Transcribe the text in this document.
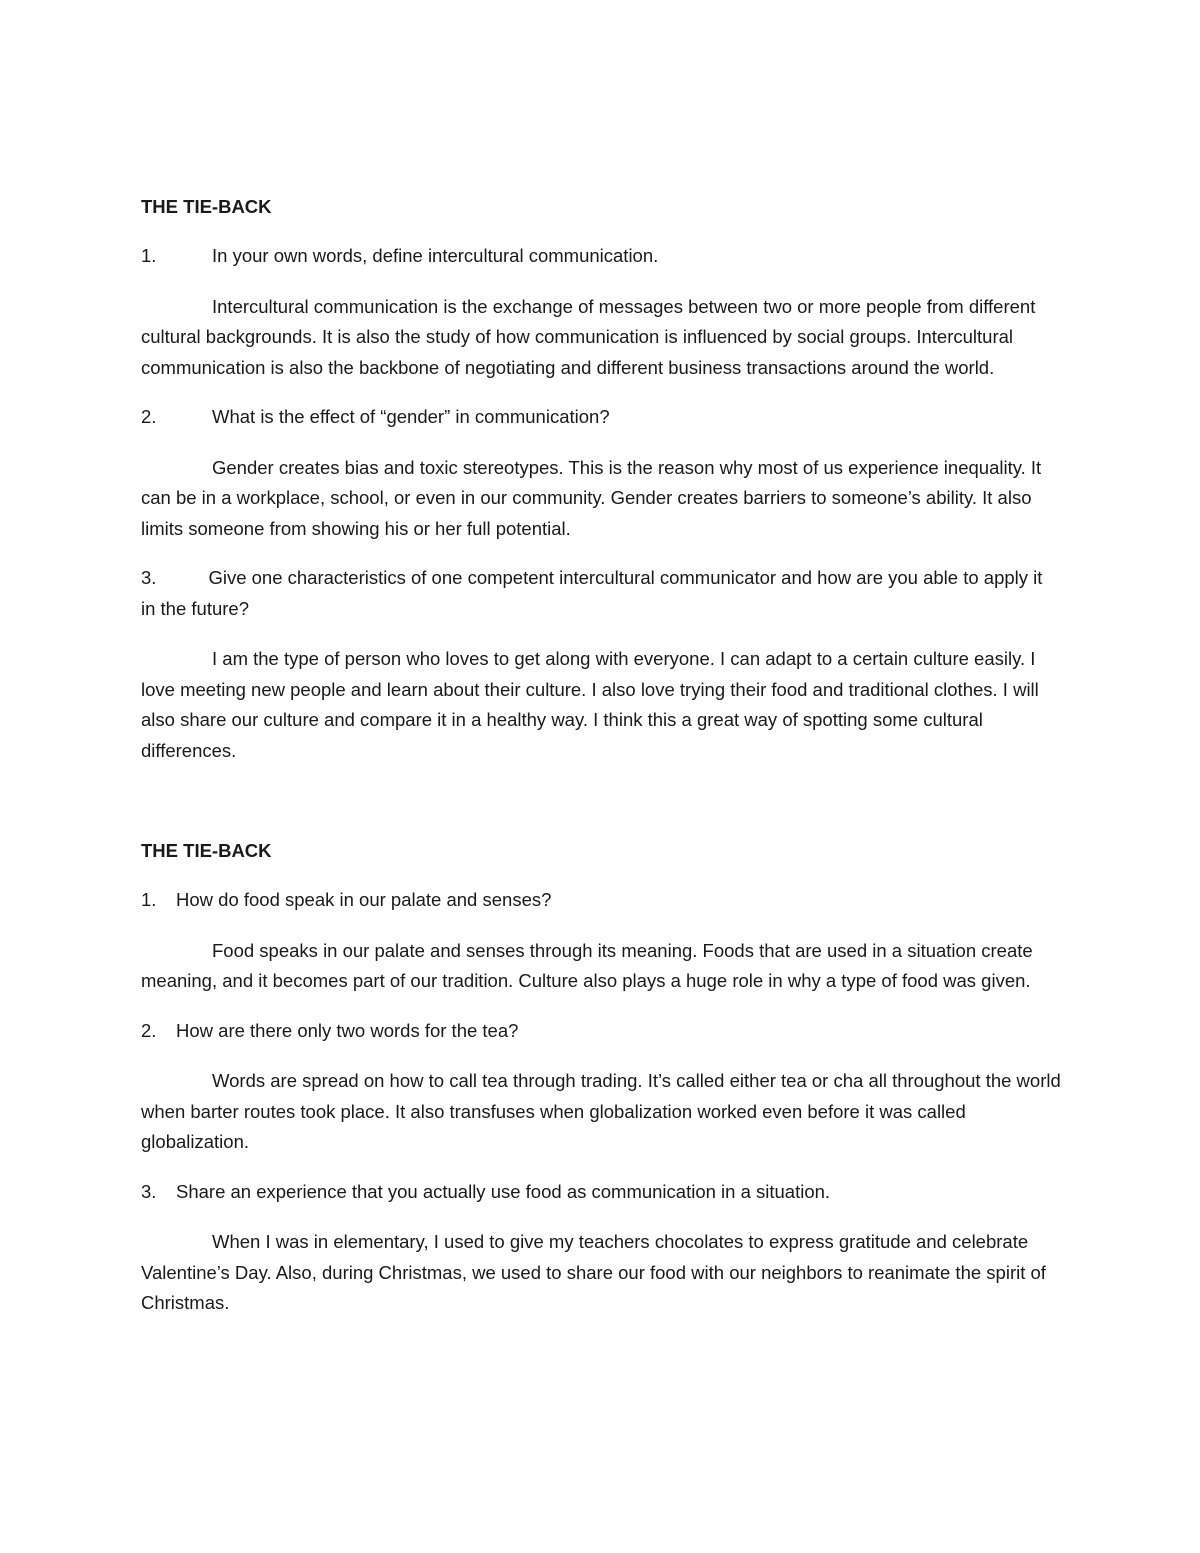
THE TIE-BACK
1.	In your own words, define intercultural communication.

Intercultural communication is the exchange of messages between two or more people from different cultural backgrounds. It is also the study of how communication is influenced by social groups. Intercultural communication is also the backbone of negotiating and different business transactions around the world.

2.	What is the effect of “gender” in communication?

Gender creates bias and toxic stereotypes. This is the reason why most of us experience inequality. It can be in a workplace, school, or even in our community. Gender creates barriers to someone’s ability. It also limits someone from showing his or her full potential.

3.	Give one characteristics of one competent intercultural communicator and how are you able to apply it in the future?

I am the type of person who loves to get along with everyone. I can adapt to a certain culture easily. I love meeting new people and learn about their culture. I also love trying their food and traditional clothes. I will also share our culture and compare it in a healthy way. I think this a great way of spotting some cultural differences.

THE TIE-BACK
1.	How do food speak in our palate and senses?

Food speaks in our palate and senses through its meaning. Foods that are used in a situation create meaning, and it becomes part of our tradition. Culture also plays a huge role in why a type of food was given.

2.	How are there only two words for the tea?

Words are spread on how to call tea through trading. It’s called either tea or cha all throughout the world when barter routes took place. It also transfuses when globalization worked even before it was called globalization.

3.	Share an experience that you actually use food as communication in a situation.

When I was in elementary, I used to give my teachers chocolates to express gratitude and celebrate Valentine’s Day. Also, during Christmas, we used to share our food with our neighbors to reanimate the spirit of Christmas.
